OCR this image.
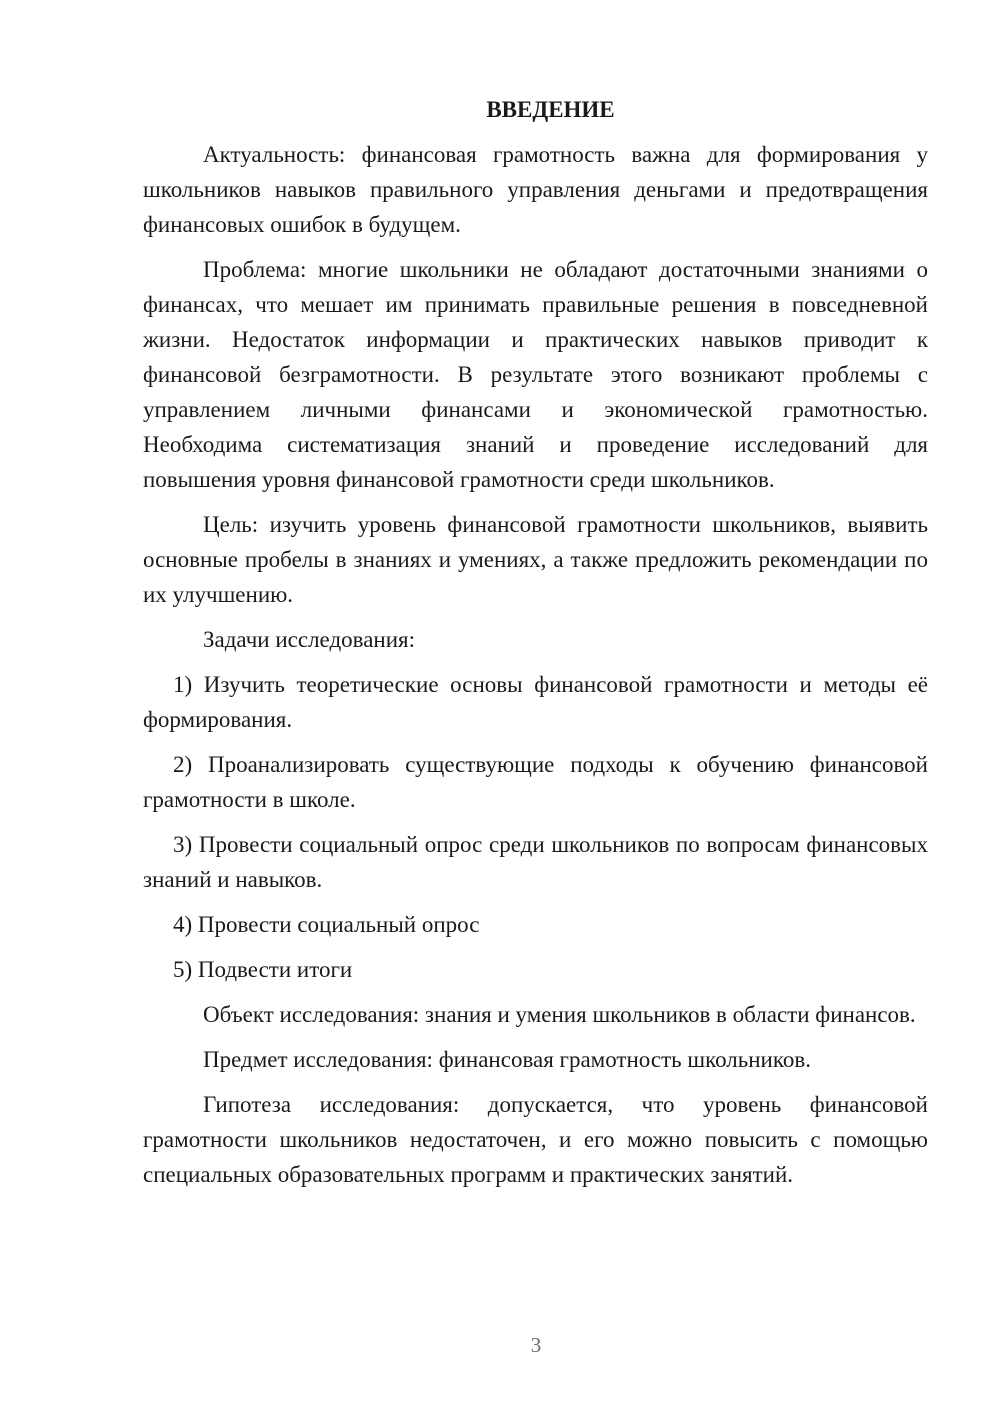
ВВЕДЕНИЕ

Актуальность: финансовая грамотность важна для формирования у школьников навыков правильного управления деньгами и предотвращения финансовых ошибок в будущем.

Проблема: многие школьники не обладают достаточными знаниями о финансах, что мешает им принимать правильные решения в повседневной жизни. Недостаток информации и практических навыков приводит к финансовой безграмотности. В результате этого возникают проблемы с управлением личными финансами и экономической грамотностью. Необходима систематизация знаний и проведение исследований для повышения уровня финансовой грамотности среди школьников.

Цель: изучить уровень финансовой грамотности школьников, выявить основные пробелы в знаниях и умениях, а также предложить рекомендации по их улучшению.

Задачи исследования:

1) Изучить теоретические основы финансовой грамотности и методы её формирования.

2) Проанализировать существующие подходы к обучению финансовой грамотности в школе.

3) Провести социальный опрос среди школьников по вопросам финансовых знаний и навыков.

4) Провести социальный опрос

5) Подвести итоги

Объект исследования: знания и умения школьников в области финансов.

Предмет исследования: финансовая грамотность школьников.

Гипотеза исследования: допускается, что уровень финансовой грамотности школьников недостаточен, и его можно повысить с помощью специальных образовательных программ и практических занятий.

3
